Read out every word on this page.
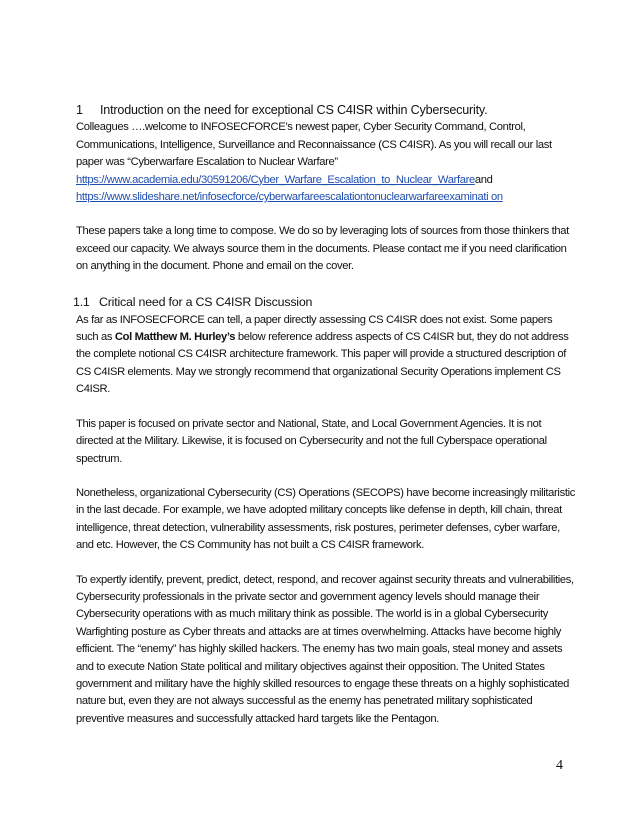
1 Introduction on the need for exceptional CS C4ISR within Cybersecurity.

Colleagues ….welcome to INFOSECFORCE’s newest paper, Cyber Security Command, Control, Communications, Intelligence, Surveillance and Reconnaissance (CS C4ISR). As you will recall our last paper was “Cyberwarfare Escalation to Nuclear Warfare”
https://www.academia.edu/30591206/Cyber_Warfare_Escalation_to_Nuclear_Warfareand
https://www.slideshare.net/infosecforce/cyberwarfareescalationtonuclearwarfareexaminati on

These papers take a long time to compose. We do so by leveraging lots of sources from those thinkers that exceed our capacity. We always source them in the documents. Please contact me if you need clarification on anything in the document. Phone and email on the cover.

1.1 Critical need for a CS C4ISR Discussion

As far as INFOSECFORCE can tell, a paper directly assessing CS C4ISR does not exist. Some papers such as Col Matthew M. Hurley’s below reference address aspects of CS C4ISR but, they do not address the complete notional CS C4ISR architecture framework. This paper will provide a structured description of CS C4ISR elements. May we strongly recommend that organizational Security Operations implement CS C4ISR.

This paper is focused on private sector and National, State, and Local Government Agencies. It is not directed at the Military. Likewise, it is focused on Cybersecurity and not the full Cyberspace operational spectrum.

Nonetheless, organizational Cybersecurity (CS) Operations (SECOPS) have become increasingly militaristic in the last decade. For example, we have adopted military concepts like defense in depth, kill chain, threat intelligence, threat detection, vulnerability assessments, risk postures, perimeter defenses, cyber warfare, and etc. However, the CS Community has not built a CS C4ISR framework.

To expertly identify, prevent, predict, detect, respond, and recover against security threats and vulnerabilities, Cybersecurity professionals in the private sector and government agency levels should manage their Cybersecurity operations with as much military think as possible. The world is in a global Cybersecurity Warfighting posture as Cyber threats and attacks are at times overwhelming. Attacks have become highly efficient. The “enemy” has highly skilled hackers. The enemy has two main goals, steal money and assets and to execute Nation State political and military objectives against their opposition. The United States government and military have the highly skilled resources to engage these threats on a highly sophisticated nature but, even they are not always successful as the enemy has penetrated military sophisticated preventive measures and successfully attacked hard targets like the Pentagon.

4
